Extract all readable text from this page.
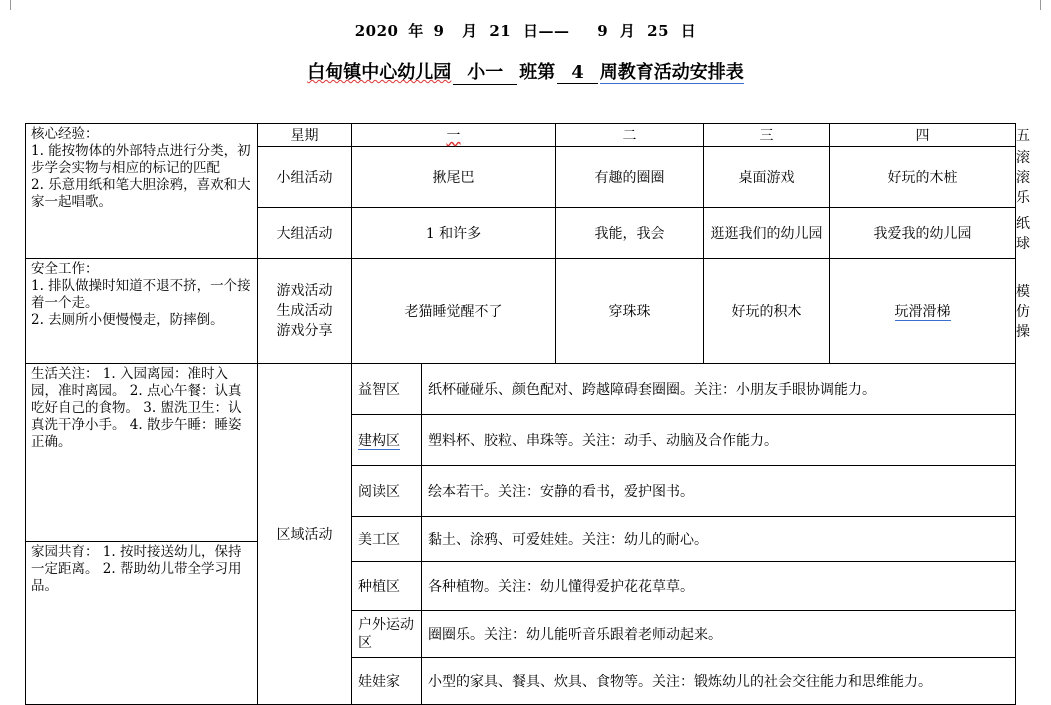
2020 年 9 月 21 日—— 9 月 25 日
白甸镇中心幼儿园 小一 班第 4 周教育活动安排表
核心经验：
1. 能按物体的外部特点进行分类，初步学会实物与相应的标记的匹配
2. 乐意用纸和笔大胆涂鸦，喜欢和大家一起唱歌。	星期	一		二	三	四	五
	小组活动	揪尾巴		有趣的圈圈	桌面游戏	好玩的木桩	滚滚乐
	大组活动	1 和许多		我能，我会	逛逛我们的幼儿园	我爱我的幼儿园	纸球

安全工作：
1. 排队做操时知道不退不挤，一个接着一个走。
2. 去厕所小便慢慢走，防摔倒。	游戏活动
生成活动
游戏分享	老猫睡觉醒不了		穿珠珠	好玩的积木	玩滑滑梯	模仿操

生活关注： 1. 入园离园：准时入园，准时离园。 2. 点心午餐：认真吃好自己的食物。 3. 盥洗卫生：认真洗干净小手。 4. 散步午睡：睡姿正确。
家园共育： 1. 按时接送幼儿，保持一定距离。 2. 帮助幼儿带全学习用品。	区域活动	益智区	纸杯碰碰乐、颜色配对、跨越障碍套圈圈。关注：小朋友手眼协调能力。				
		建构区	塑料杯、胶粒、串珠等。关注：动手、动脑及合作能力。				
		阅读区	绘本若干。关注：安静的看书，爱护图书。				
		美工区	黏土、涂鸦、可爱娃娃。关注：幼儿的耐心。				
		种植区	各种植物。关注：幼儿懂得爱护花花草草。				
		户外运动区	圈圈乐。关注：幼儿能听音乐跟着老师动起来。				
		娃娃家	小型的家具、餐具、炊具、食物等。关注：锻炼幼儿的社会交往能力和思维能力。				
